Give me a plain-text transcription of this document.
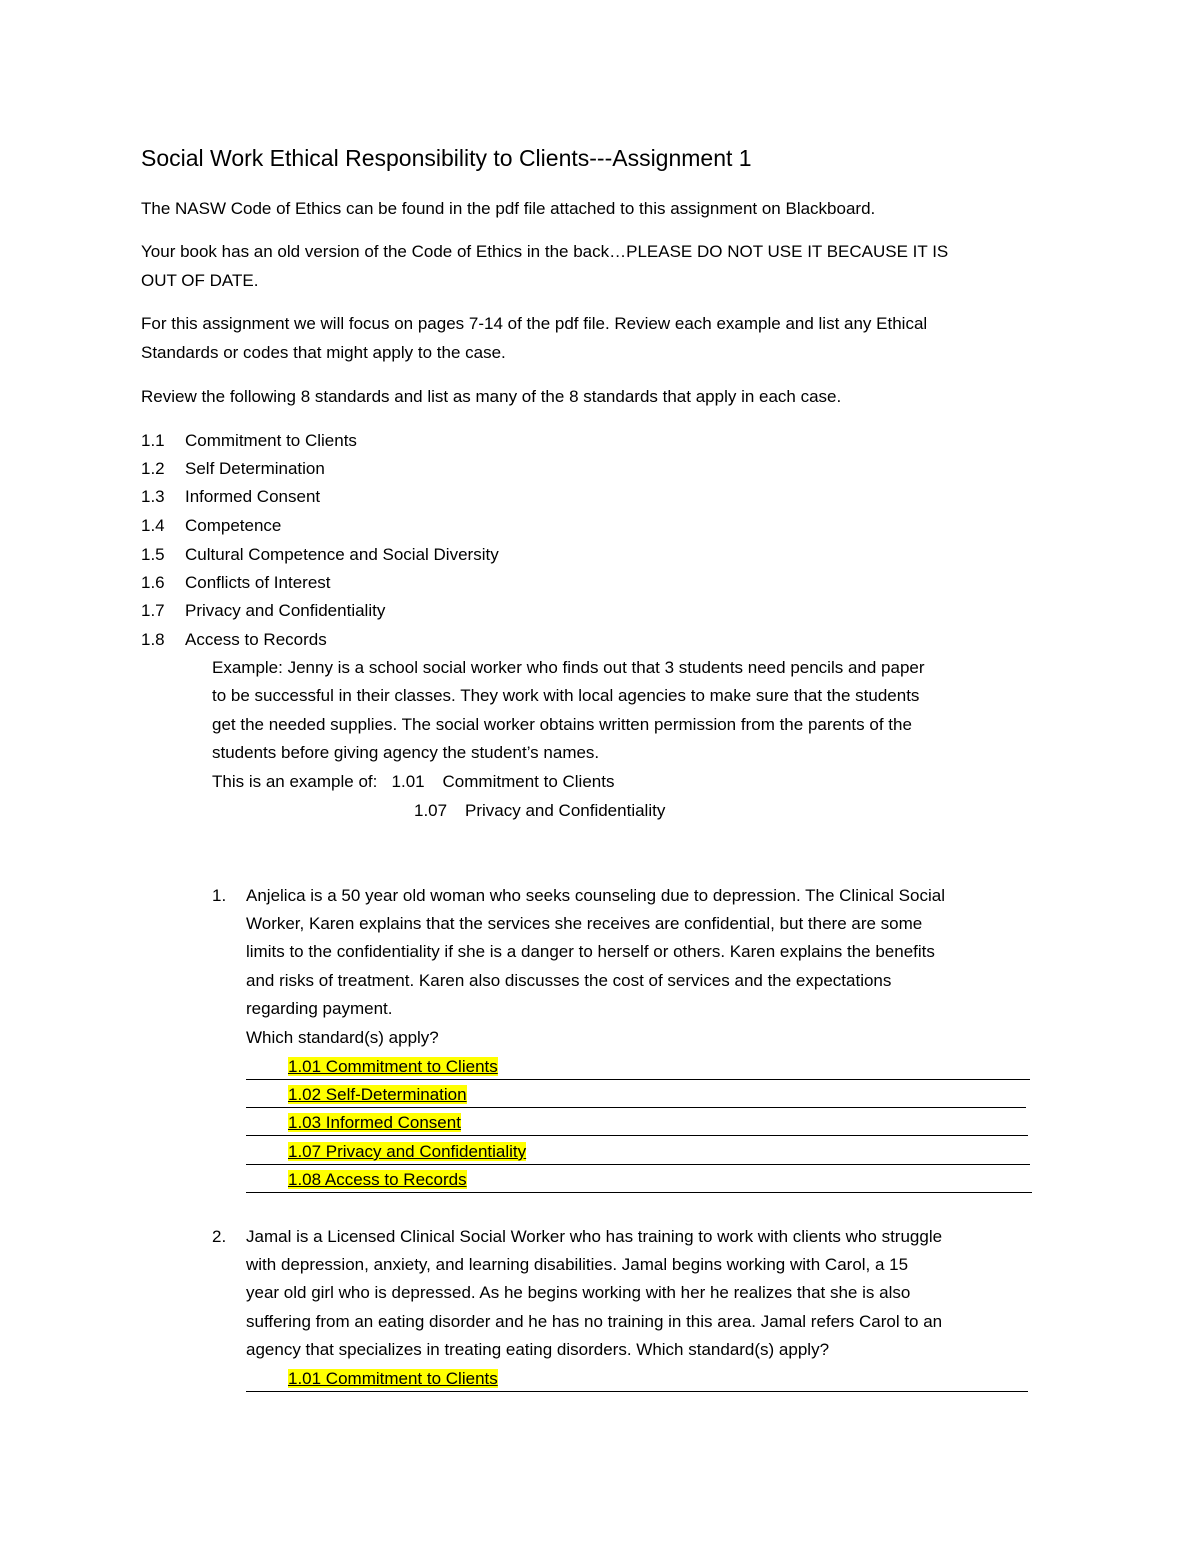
Social Work Ethical Responsibility to Clients---Assignment 1
The NASW Code of Ethics can be found in the pdf file attached to this assignment on Blackboard.
Your book has an old version of the Code of Ethics in the back…PLEASE DO NOT USE IT BECAUSE IT IS
OUT OF DATE.
For this assignment we will focus on pages 7-14 of the pdf file. Review each example and list any Ethical
Standards or codes that might apply to the case.
Review the following 8 standards and list as many of the 8 standards that apply in each case.
1.1 Commitment to Clients
1.2 Self Determination
1.3 Informed Consent
1.4 Competence
1.5 Cultural Competence and Social Diversity
1.6 Conflicts of Interest
1.7 Privacy and Confidentiality
1.8 Access to Records
Example: Jenny is a school social worker who finds out that 3 students need pencils and paper
to be successful in their classes. They work with local agencies to make sure that the students
get the needed supplies. The social worker obtains written permission from the parents of the
students before giving agency the student’s names.
This is an example of: 1.01 Commitment to Clients
1.07 Privacy and Confidentiality
1. Anjelica is a 50 year old woman who seeks counseling due to depression. The Clinical Social
Worker, Karen explains that the services she receives are confidential, but there are some
limits to the confidentiality if she is a danger to herself or others. Karen explains the benefits
and risks of treatment. Karen also discusses the cost of services and the expectations
regarding payment.
Which standard(s) apply?
1.01 Commitment to Clients
1.02 Self-Determination
1.03 Informed Consent
1.07 Privacy and Confidentiality
1.08 Access to Records
2. Jamal is a Licensed Clinical Social Worker who has training to work with clients who struggle
with depression, anxiety, and learning disabilities. Jamal begins working with Carol, a 15
year old girl who is depressed. As he begins working with her he realizes that she is also
suffering from an eating disorder and he has no training in this area. Jamal refers Carol to an
agency that specializes in treating eating disorders. Which standard(s) apply?
1.01 Commitment to Clients
